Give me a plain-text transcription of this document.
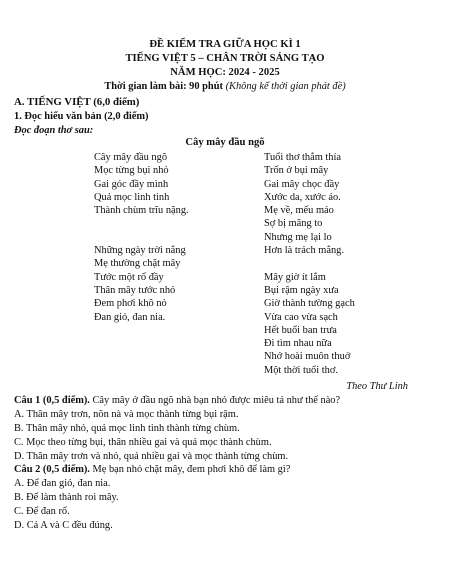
ĐỀ KIỂM TRA GIỮA HỌC KÌ 1
TIẾNG VIỆT 5 – CHÂN TRỜI SÁNG TẠO
NĂM HỌC: 2024 - 2025
Thời gian làm bài: 90 phút (Không kể thời gian phát đề)
A. TIẾNG VIỆT (6,0 điểm)
1. Đọc hiểu văn bản (2,0 điểm)
Đọc đoạn thơ sau:
Cây mây đầu ngõ
Cây mây đầu ngõ
Mọc từng bụi nhỏ
Gai góc đầy mình
Quả mọc linh tinh
Thành chùm trĩu nặng.
Những ngày trời nắng
Mẹ thường chặt mây
Tước một rổ đầy
Thân mây tước nhỏ
Đem phơi khô nỏ
Đan giỏ, đan nia.
Tuổi thơ thắm thía
Trốn ở bụi mây
Gai mây chọc đầy
Xước da, xước áo.
Mẹ về, mếu máo
Sợ bị măng to
Nhưng mẹ lại lo
Hơn là trách mắng.
Mây giờ ít lắm
Bụi rậm ngày xưa
Giờ thành tường gạch
Vừa cao vừa sạch
Hết buổi ban trưa
Đi tìm nhau nữa
Nhớ hoài muôn thuở
Một thời tuổi thơ.
Theo Thư Linh
Câu 1 (0,5 điểm). Cây mây ở đầu ngõ nhà bạn nhỏ được miêu tả như thế nào?
A. Thân mây trơn, nõn nà và mọc thành từng bụi rậm.
B. Thân mây nhỏ, quả mọc linh tinh thành từng chùm.
C. Mọc theo từng bụi, thân nhiều gai và quả mọc thành chùm.
D. Thân mây trơn và nhỏ, quả nhiều gai và mọc thành từng chùm.
Câu 2 (0,5 điểm). Mẹ bạn nhỏ chặt mây, đem phơi khô để làm gì?
A. Để đan giỏ, đan nia.
B. Để làm thành roi mây.
C. Để đan rổ.
D. Cả A và C đều đúng.
